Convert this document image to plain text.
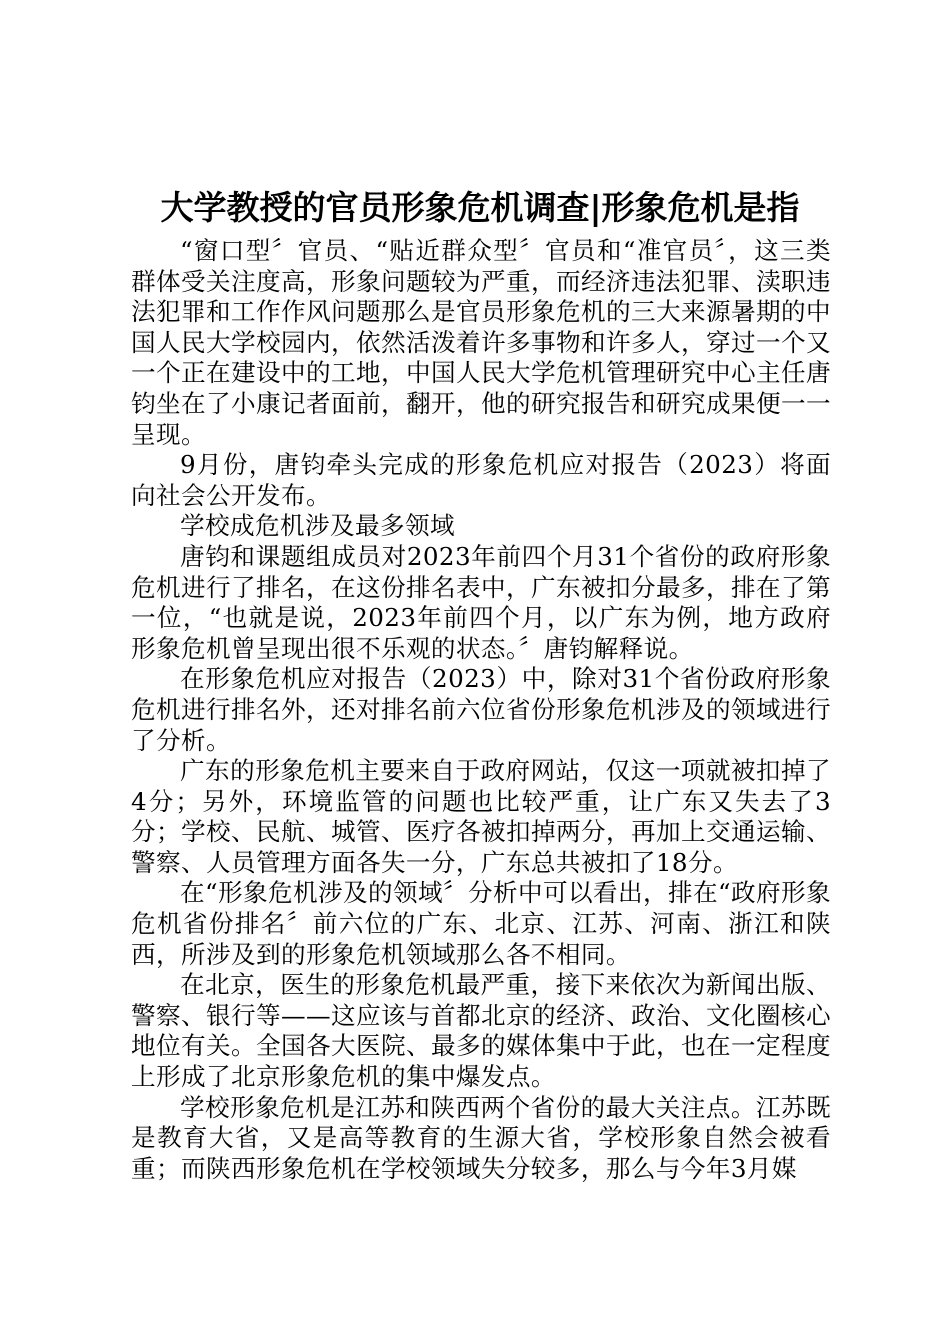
大学教授的官员形象危机调查|形象危机是指

“窗口型〞官员、“贴近群众型〞官员和“准官员〞，这三类群体受关注度高，形象问题较为严重，而经济违法犯罪、渎职违法犯罪和工作作风问题那么是官员形象危机的三大来源暑期的中国人民大学校园内，依然活泼着许多事物和许多人，穿过一个又一个正在建设中的工地，中国人民大学危机管理研究中心主任唐钧坐在了小康记者面前，翻开，他的研究报告和研究成果便一一呈现。

9月份，唐钧牵头完成的形象危机应对报告（2023）将面向社会公开发布。

学校成危机涉及最多领域

唐钧和课题组成员对2023年前四个月31个省份的政府形象危机进行了排名，在这份排名表中，广东被扣分最多，排在了第一位，“也就是说，2023年前四个月，以广东为例，地方政府形象危机曾呈现出很不乐观的状态。〞唐钧解释说。

在形象危机应对报告（2023）中，除对31个省份政府形象危机进行排名外，还对排名前六位省份形象危机涉及的领域进行了分析。

广东的形象危机主要来自于政府网站，仅这一项就被扣掉了4分；另外，环境监管的问题也比较严重，让广东又失去了3分；学校、民航、城管、医疗各被扣掉两分，再加上交通运输、警察、人员管理方面各失一分，广东总共被扣了18分。

在“形象危机涉及的领域〞分析中可以看出，排在“政府形象危机省份排名〞前六位的广东、北京、江苏、河南、浙江和陕西，所涉及到的形象危机领域那么各不相同。

在北京，医生的形象危机最严重，接下来依次为新闻出版、警察、银行等——这应该与首都北京的经济、政治、文化圈核心地位有关。全国各大医院、最多的媒体集中于此，也在一定程度上形成了北京形象危机的集中爆发点。

学校形象危机是江苏和陕西两个省份的最大关注点。江苏既是教育大省，又是高等教育的生源大省，学校形象自然会被看重；而陕西形象危机在学校领域失分较多，那么与今年3月媒
